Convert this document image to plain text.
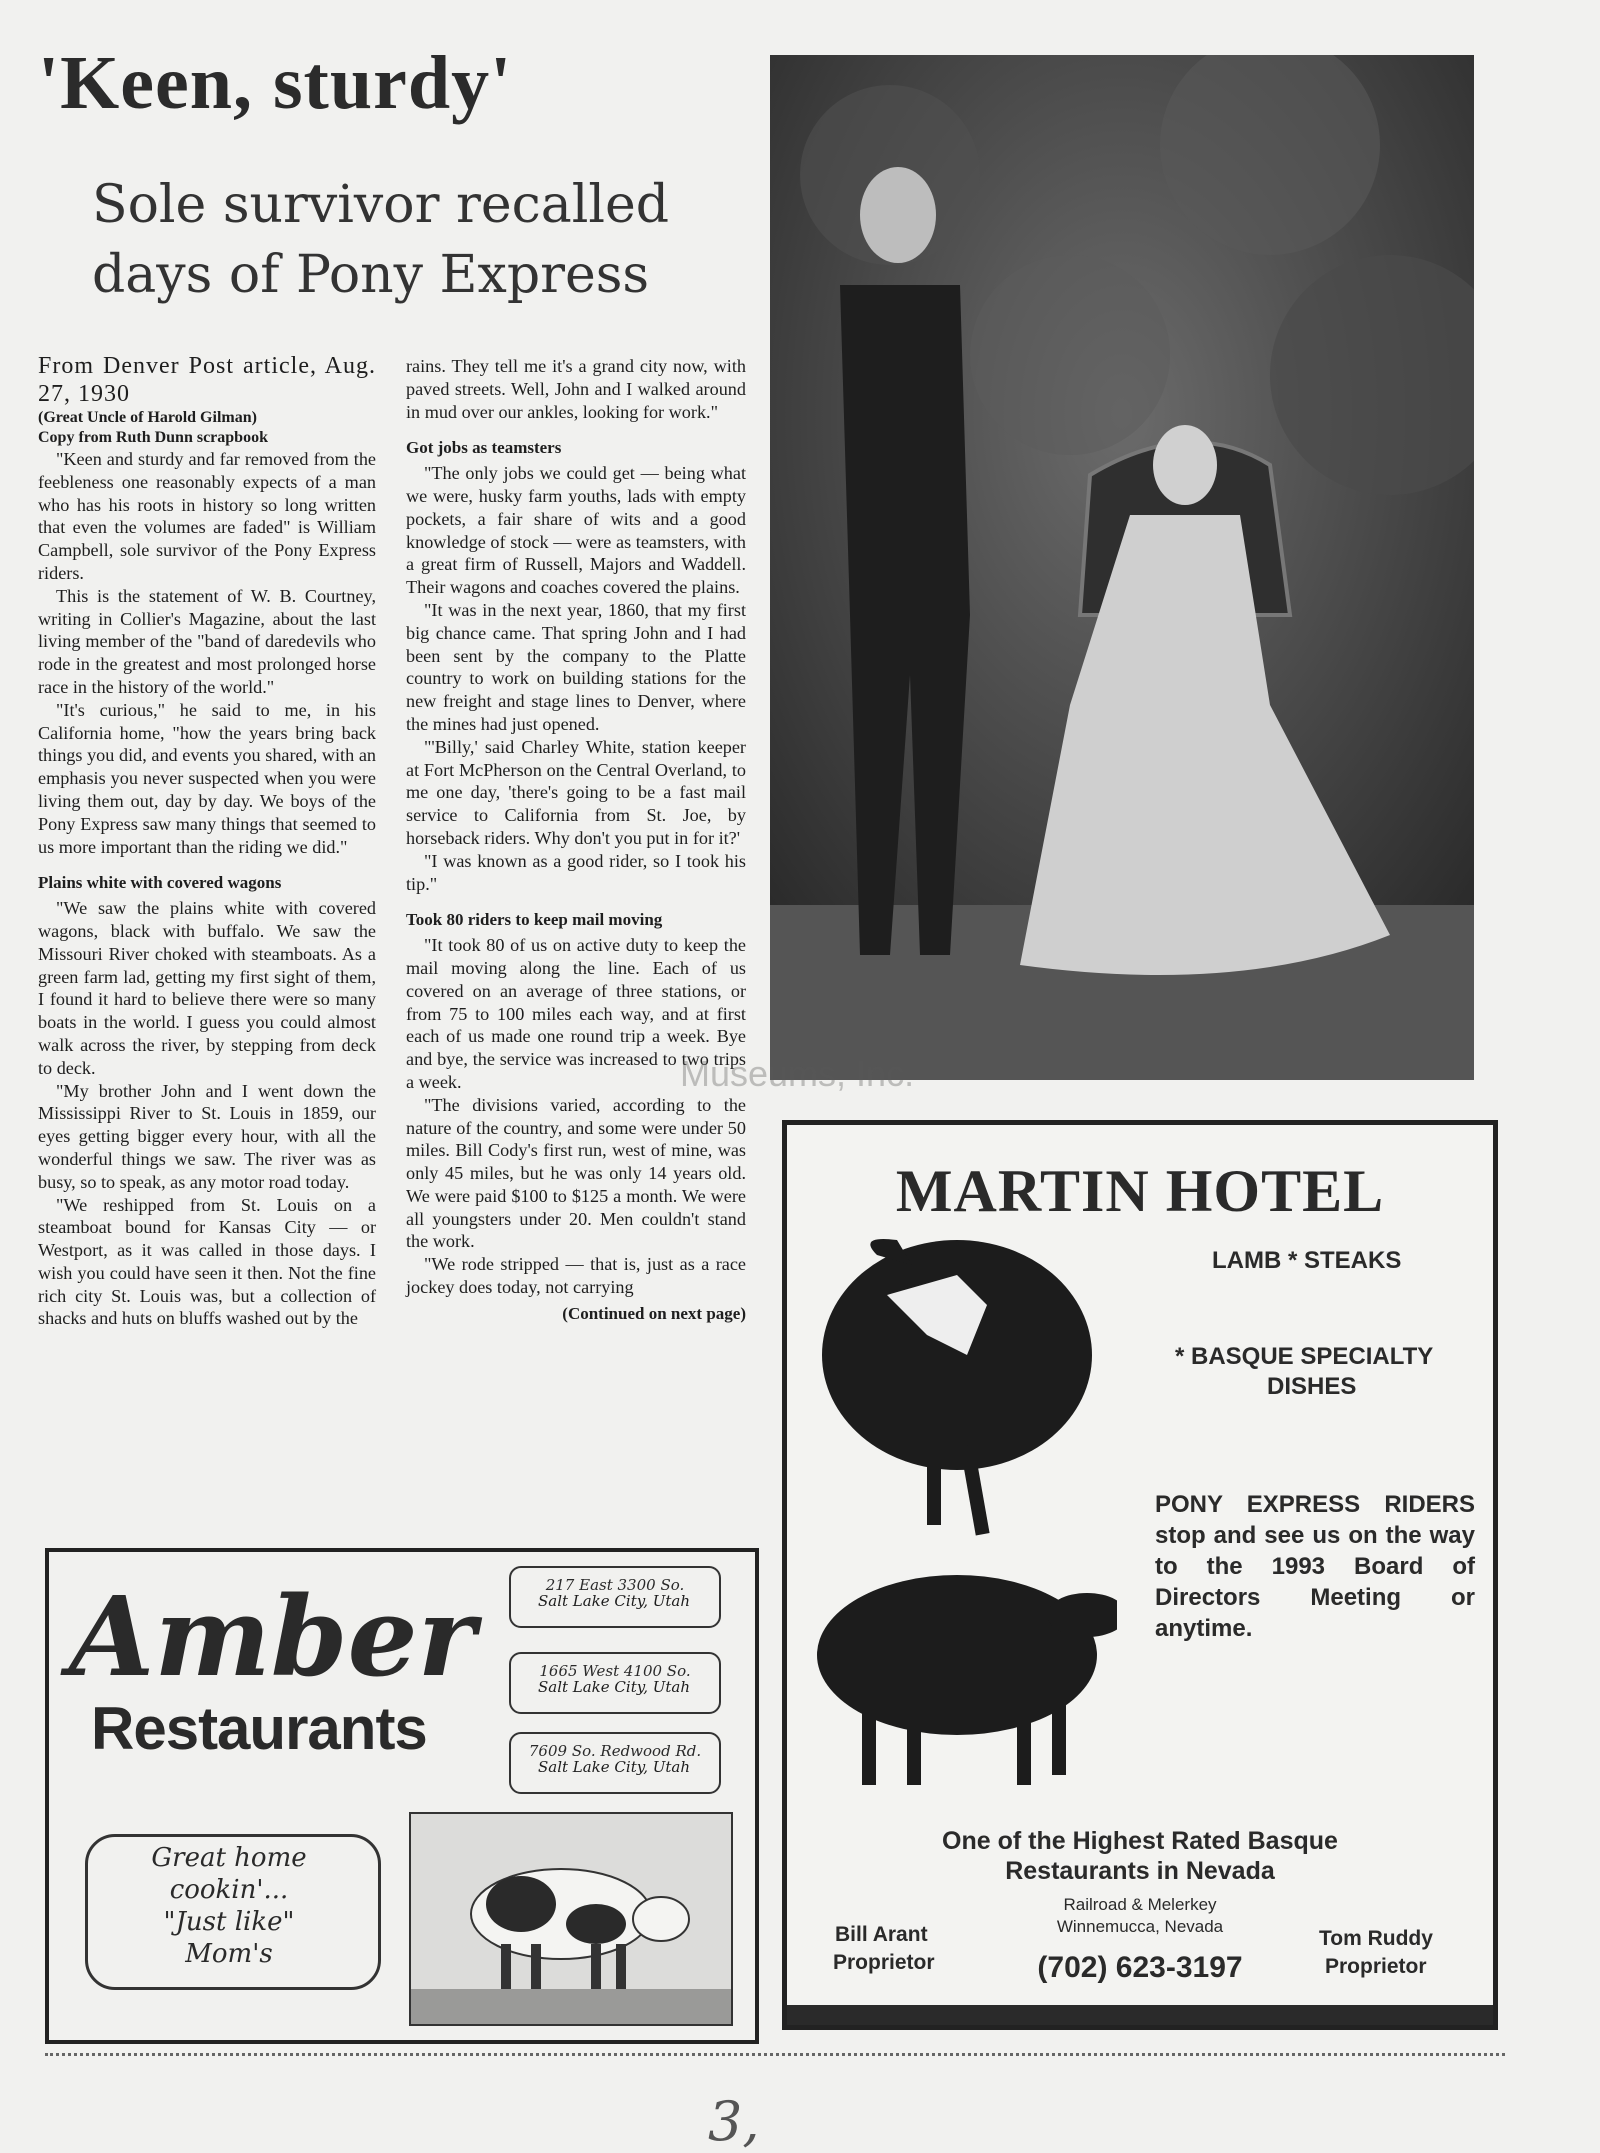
'Keen, sturdy'
Sole survivor recalled days of Pony Express
From Denver Post article, Aug. 27, 1930
(Great Uncle of Harold Gilman)
Copy from Ruth Dunn scrapbook

"Keen and sturdy and far removed from the feebleness one reasonably expects of a man who has his roots in history so long written that even the volumes are faded" is William Campbell, sole survivor of the Pony Express riders.

This is the statement of W. B. Courtney, writing in Collier's Magazine, about the last living member of the "band of daredevils who rode in the greatest and most prolonged horse race in the history of the world."

"It's curious," he said to me, in his California home, "how the years bring back things you did, and events you shared, with an emphasis you never suspected when you were living them out, day by day. We boys of the Pony Express saw many things that seemed to us more important than the riding we did."

Plains white with covered wagons

"We saw the plains white with covered wagons, black with buffalo. We saw the Missouri River choked with steamboats. As a green farm lad, getting my first sight of them, I found it hard to believe there were so many boats in the world. I guess you could almost walk across the river, by stepping from deck to deck.

"My brother John and I went down the Mississippi River to St. Louis in 1859, our eyes getting bigger every hour, with all the wonderful things we saw. The river was as busy, so to speak, as any motor road today.

"We reshipped from St. Louis on a steamboat bound for Kansas City — or Westport, as it was called in those days. I wish you could have seen it then. Not the fine rich city St. Louis was, but a collection of shacks and huts on bluffs washed out by the

rains. They tell me it's a grand city now, with paved streets. Well, John and I walked around in mud over our ankles, looking for work."

Got jobs as teamsters

"The only jobs we could get — being what we were, husky farm youths, lads with empty pockets, a fair share of wits and a good knowledge of stock — were as teamsters, with a great firm of Russell, Majors and Waddell. Their wagons and coaches covered the plains.

"It was in the next year, 1860, that my first big chance came. That spring John and I had been sent by the company to the Platte country to work on building stations for the new freight and stage lines to Denver, where the mines had just opened.

"'Billy,' said Charley White, station keeper at Fort McPherson on the Central Overland, to me one day, 'there's going to be a fast mail service to California from St. Joe, by horseback riders. Why don't you put in for it?'

"I was known as a good rider, so I took his tip."

Took 80 riders to keep mail moving

"It took 80 of us on active duty to keep the mail moving along the line. Each of us covered on an average of three stations, or from 75 to 100 miles each way, and at first each of us made one round trip a week. Bye and bye, the service was increased to two trips a week.

"The divisions varied, according to the nature of the country, and some were under 50 miles. Bill Cody's first run, west of mine, was only 45 miles, but he was only 14 years old. We were paid $100 to $125 a month. We were all youngsters under 20. Men couldn't stand the work.

"We rode stripped — that is, just as a race jockey does today, not carrying

(Continued on next page)
Museums, Inc.
MARTIN HOTEL
LAMB * STEAKS
* BASQUE SPECIALTY
DISHES
PONY EXPRESS RIDERS stop and see us on the way to the 1993 Board of Directors Meeting or anytime.
One of the Highest Rated Basque
Restaurants in Nevada
Railroad & Melerkey
Winnemucca, Nevada
(702) 623-3197
Bill Arant
Proprietor
Tom Ruddy
Proprietor
Amber
Restaurants
217 East 3300 So.
Salt Lake City, Utah
1665 West 4100 So.
Salt Lake City, Utah
7609 So. Redwood Rd.
Salt Lake City, Utah
Great home
cookin'...
"Just like"
Mom's
3,
